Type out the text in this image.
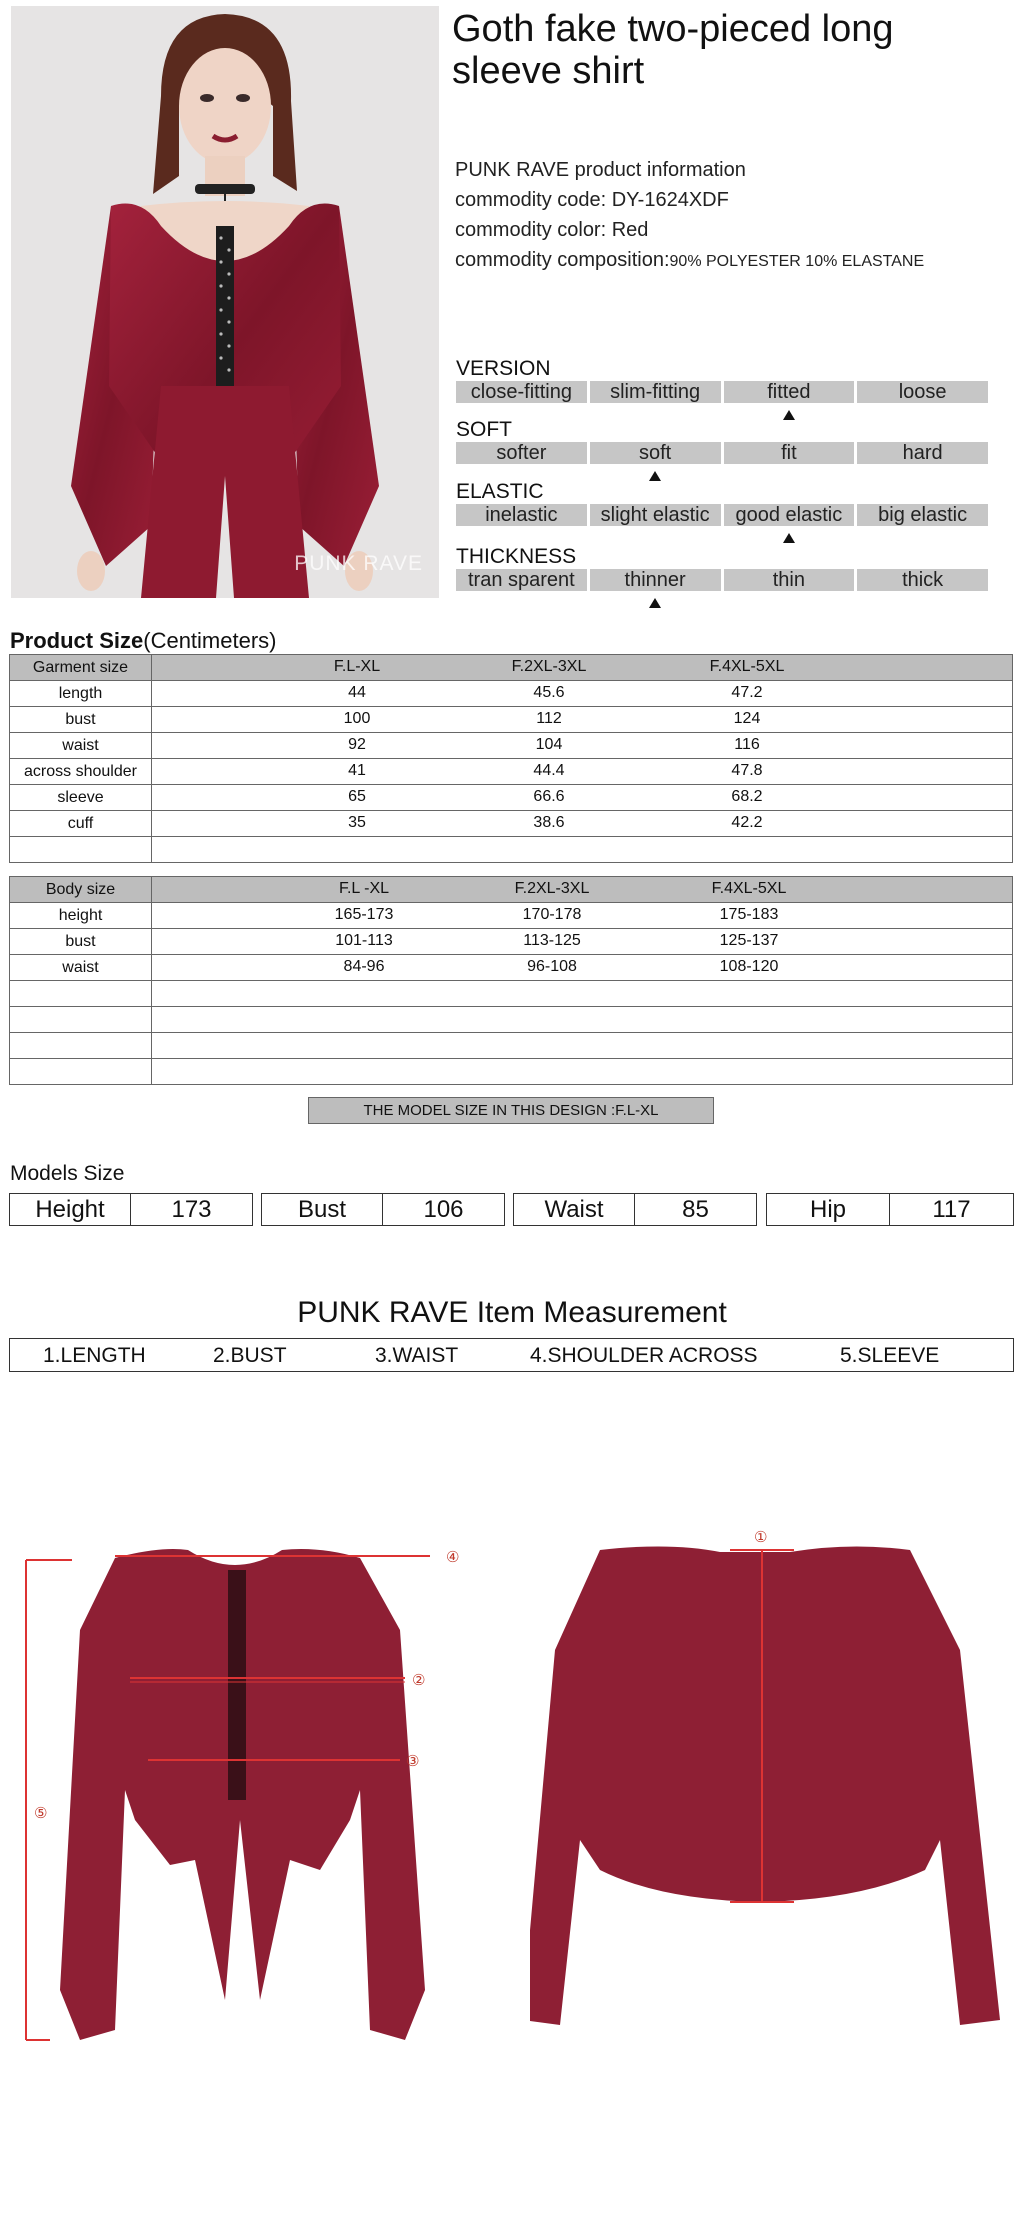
PUNK RAVE
Goth fake two-pieced long sleeve shirt
PUNK RAVE product information
commodity code: DY-1624XDF
commodity color: Red
commodity composition:90% POLYESTER 10% ELASTANE
VERSION
close-fitting	slim-fitting	fitted	loose
SOFT
softer	soft	fit	hard
ELASTIC
inelastic	slight elastic	good elastic	big elastic
THICKNESS
tran sparent	thinner	thin	thick
Product Size(Centimeters)
Garment size	F.L-XL F.2XL-3XL F.4XL-5XL

length	44 45.6 47.2

bust	100 112 124

waist	92 104 116

across shoulder	41 44.4 47.8

sleeve	65 66.6 68.2

cuff	35 38.6 42.2

Body size	F.L -XL F.2XL-3XL F.4XL-5XL

height	165-173 170-178 175-183

bust	101-113 113-125 125-137

waist	84-96 96-108 108-120

THE MODEL SIZE IN THIS DESIGN :F.L-XL
Models Size
Height	173	Bust	106	Waist	85	Hip	117
PUNK RAVE Item Measurement
1.LENGTH	2.BUST	3.WAIST	4.SHOULDER ACROSS	5.SLEEVE
④
②
③
⑤
①
